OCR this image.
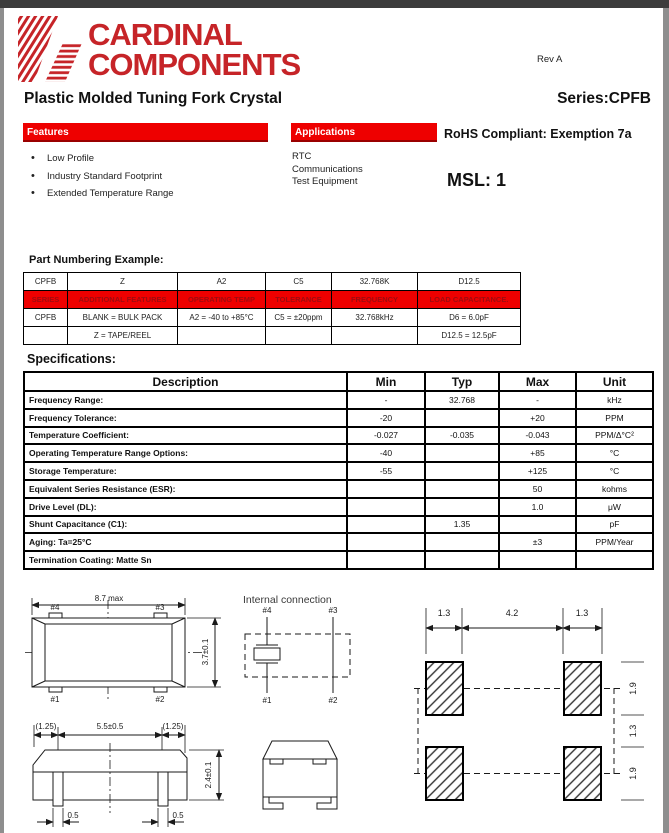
CARDINAL
COMPONENTS	Rev A
Plastic Molded Tuning Fork Crystal	Series:CPFB
Features
• Low Profile
• Industry Standard Footprint
• Extended Temperature Range
Applications
RTC
Communications
Test Equipment
RoHS Compliant: Exemption 7a
MSL: 1
Part Numbering Example:
CPFB	Z	A2	C5	32.768K	D12.5
SERIES	ADDITIONAL FEATURES	OPERATING TEMP	TOLERANCE	FREQUENCY	LOAD CAPACITANCE.
CPFB	BLANK = BULK PACK	A2 = -40 to +85°C	C5 = ±20ppm	32.768kHz	D6 = 6.0pF
	Z = TAPE/REEL				D12.5 = 12.5pF
Specifications:
Description	Min	Typ	Max	Unit
Frequency Range:	-	32.768	-	kHz
Frequency Tolerance:	-20		+20	PPM
Temperature Coefficient:	-0.027	-0.035	-0.043	PPM/Δ°C²
Operating Temperature Range Options:	-40		+85	°C
Storage Temperature:	-55		+125	°C
Equivalent Series Resistance (ESR):			50	kohms
Drive Level (DL):			1.0	μW
Shunt Capacitance (C1):		1.35		pF
Aging: Ta=25°C			±3	PPM/Year
Termination Coating: Matte Sn				
8.7 max
#4	#3
#1	#2
3.7±0.1
Internal connection
#4	#3
#1	#2
(1.25)	5.5±0.5	(1.25)
2.4±0.1
0.5	0.5
1.3	4.2	1.3
1.9
1.3
1.9
